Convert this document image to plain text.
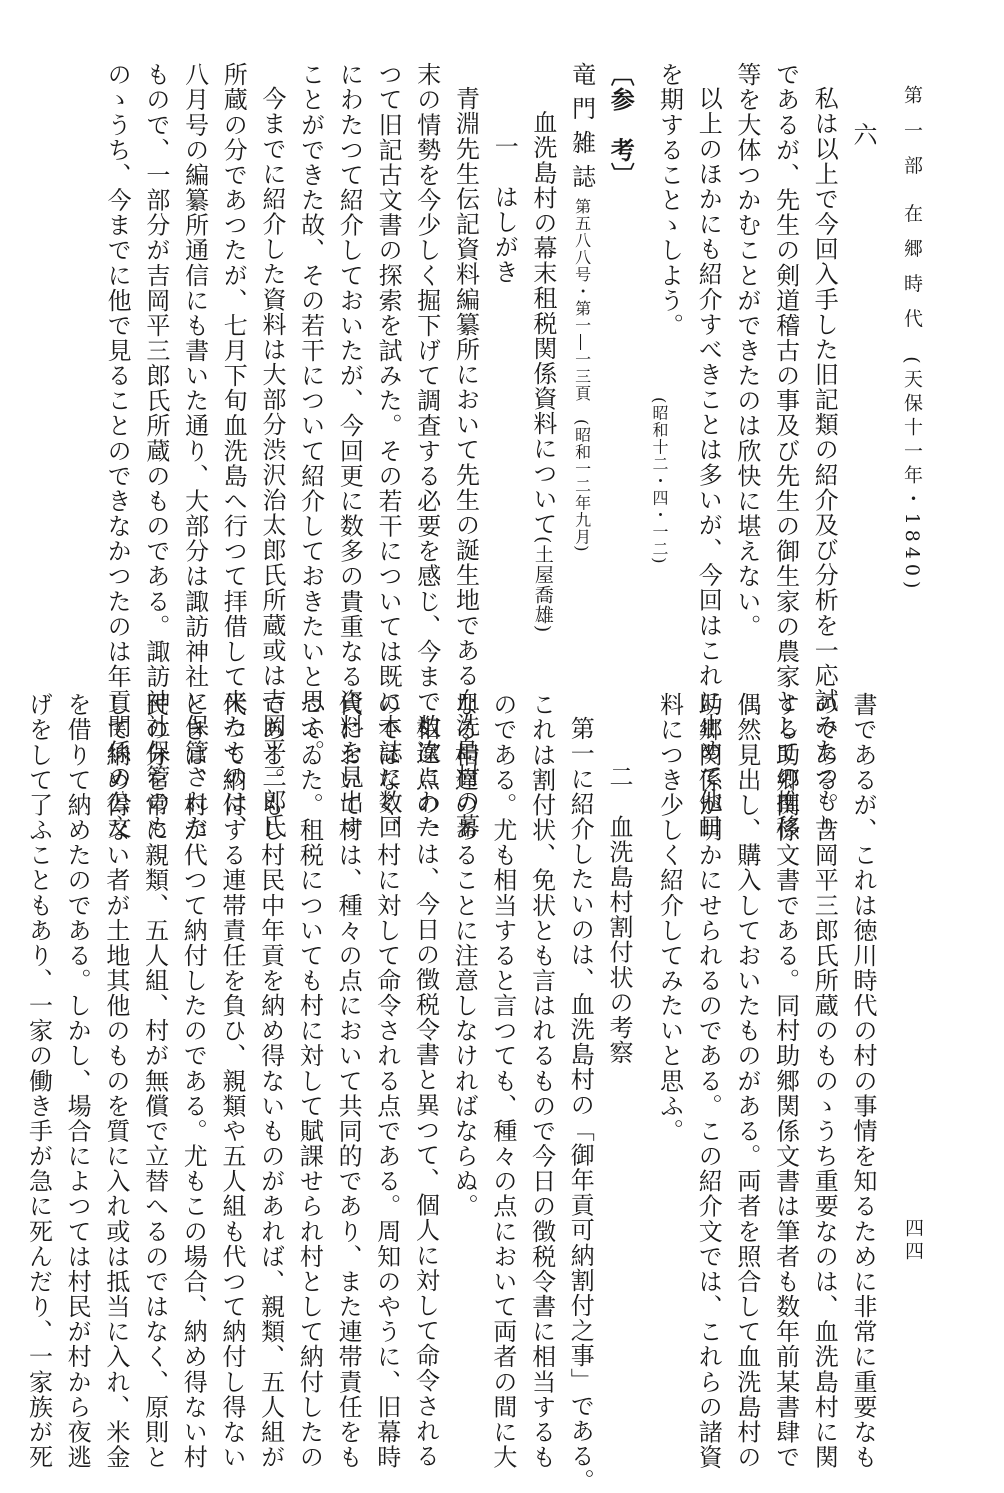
第 一 部　在 郷 時 代　(天保十一年・1840)
四四
六
私は以上で今回入手した旧記類の紹介及び分析を一応試みたつもり
であるが、先生の剣道稽古の事及び先生の御生家の農家としての推移
等を大体つかむことができたのは欣快に堪えない。
以上のほかにも紹介すべきことは多いが、今回はこれに止めて他日
を期することゝしよう。
(昭和十二・四・一二)
〔参　考〕
竜門雑誌第五八八号・第一―一三頁　(昭和一二年九月)
血洗島村の幕末租税関係資料について(土屋喬雄)
一　はしがき
青淵先生伝記資料編纂所において先生の誕生地である血洗島村の幕
末の情勢を今少しく掘下げて調査する必要を感じ、今まで数次にわた
つて旧記古文書の探索を試みた。その若干については既に本誌に数回
にわたつて紹介しておいたが、今回更に数多の貴重なる資料を見出す
ことができた故、その若干について紹介しておきたいと思ふ。
今までに紹介した資料は大部分渋沢治太郎氏所蔵或は吉岡平三郎氏
所蔵の分であつたが、七月下旬血洗島へ行つて拝借して来たものは、
八月号の編纂所通信にも書いた通り、大部分は諏訪神社に保管された
もので、一部分が吉岡平三郎氏所蔵のものである。諏訪神社保管のも
のゝうち、今までに他で見ることのできなかつたのは年貢関係の公文
書であるが、これは徳川時代の村の事情を知るために非常に重要なも
のである。吉岡平三郎氏所蔵のものゝうち重要なのは、血洗島村に関
する助郷関係文書である。同村助郷関係文書は筆者も数年前某書肆で
偶然見出し、購入しておいたものがある。両者を照合して血洗島村の
助郷関係が明かにせられるのである。この紹介文では、これらの諸資
料につき少しく紹介してみたいと思ふ。
二　血洗島村割付状の考察
第一に紹介したいのは、血洗島村の「御年貢可納割付之事」である。
これは割付状、免状とも言はれるもので今日の徴税令書に相当するも
のである。尤も相当すると言つても、種々の点において両者の間に大
なる相違のあることに注意しなければならぬ。
相違点の一は、今日の徴税令書と異つて、個人に対して命令される
のではなく、村に対して命令される点である。周知のやうに、旧幕時
代において村は、種々の点において共同的であり、また連帯責任をも
つてゐた。租税についても村に対して賦課せられ村として納付したの
である。もし村民中年貢を納め得ないものがあれば、親類、五人組が
代つて納付する連帯責任を負ひ、親類や五人組も代つて納付し得ない
ときは、村が代つて納付したのである。尤もこの場合、納め得ない村
民の分を常に親類、五人組、村が無償で立替へるのではなく、原則と
して納め得ない者が土地其他のものを質に入れ或は抵当に入れ、米金
を借りて納めたのである。しかし、場合によつては村民が村から夜逃
げをして了ふこともあり、一家の働き手が急に死んだり、一家族が死
